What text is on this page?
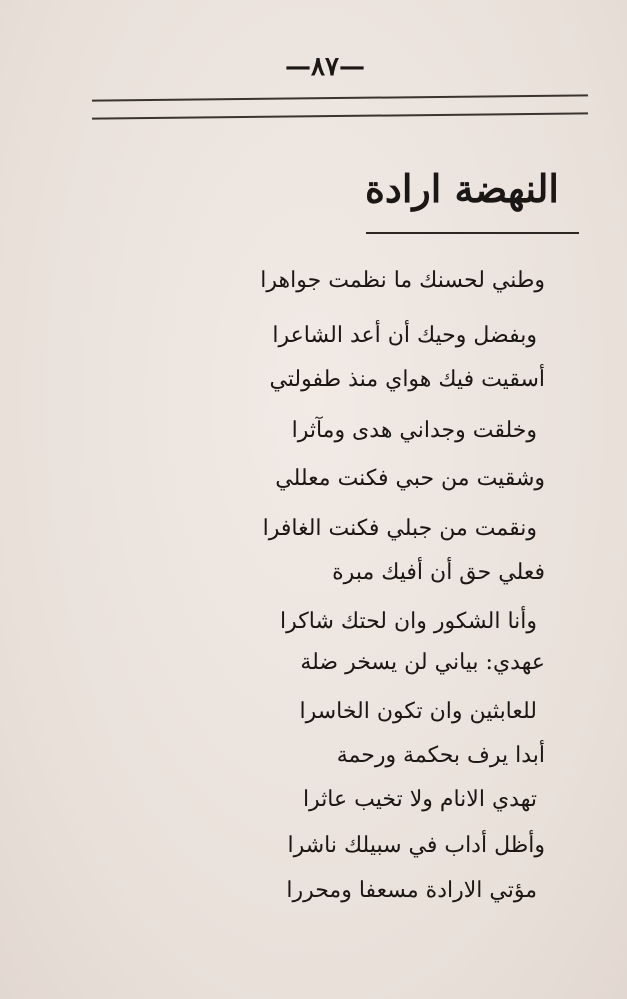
—٨٧—
النهضة ارادة
وطني لحسنك ما نظمت جواهرا
وبفضل وحيك أن أعد الشاعرا
أسقيت فيك هواي منذ طفولتي
وخلقت وجداني هدى ومآثرا
وشقيت من حبي فكنت معللي
ونقمت من جبلي فكنت الغافرا
فعلي حق أن أفيك مبرة
وأنا الشكور وان لحتك شاكرا
عهدي: بياني لن يسخر ضلة
للعابثين وان تكون الخاسرا
أبدا يرف بحكمة ورحمة
تهدي الانام ولا تخيب عاثرا
وأظل أداب في سبيلك ناشرا
مؤتي الارادة مسعفا ومحررا
